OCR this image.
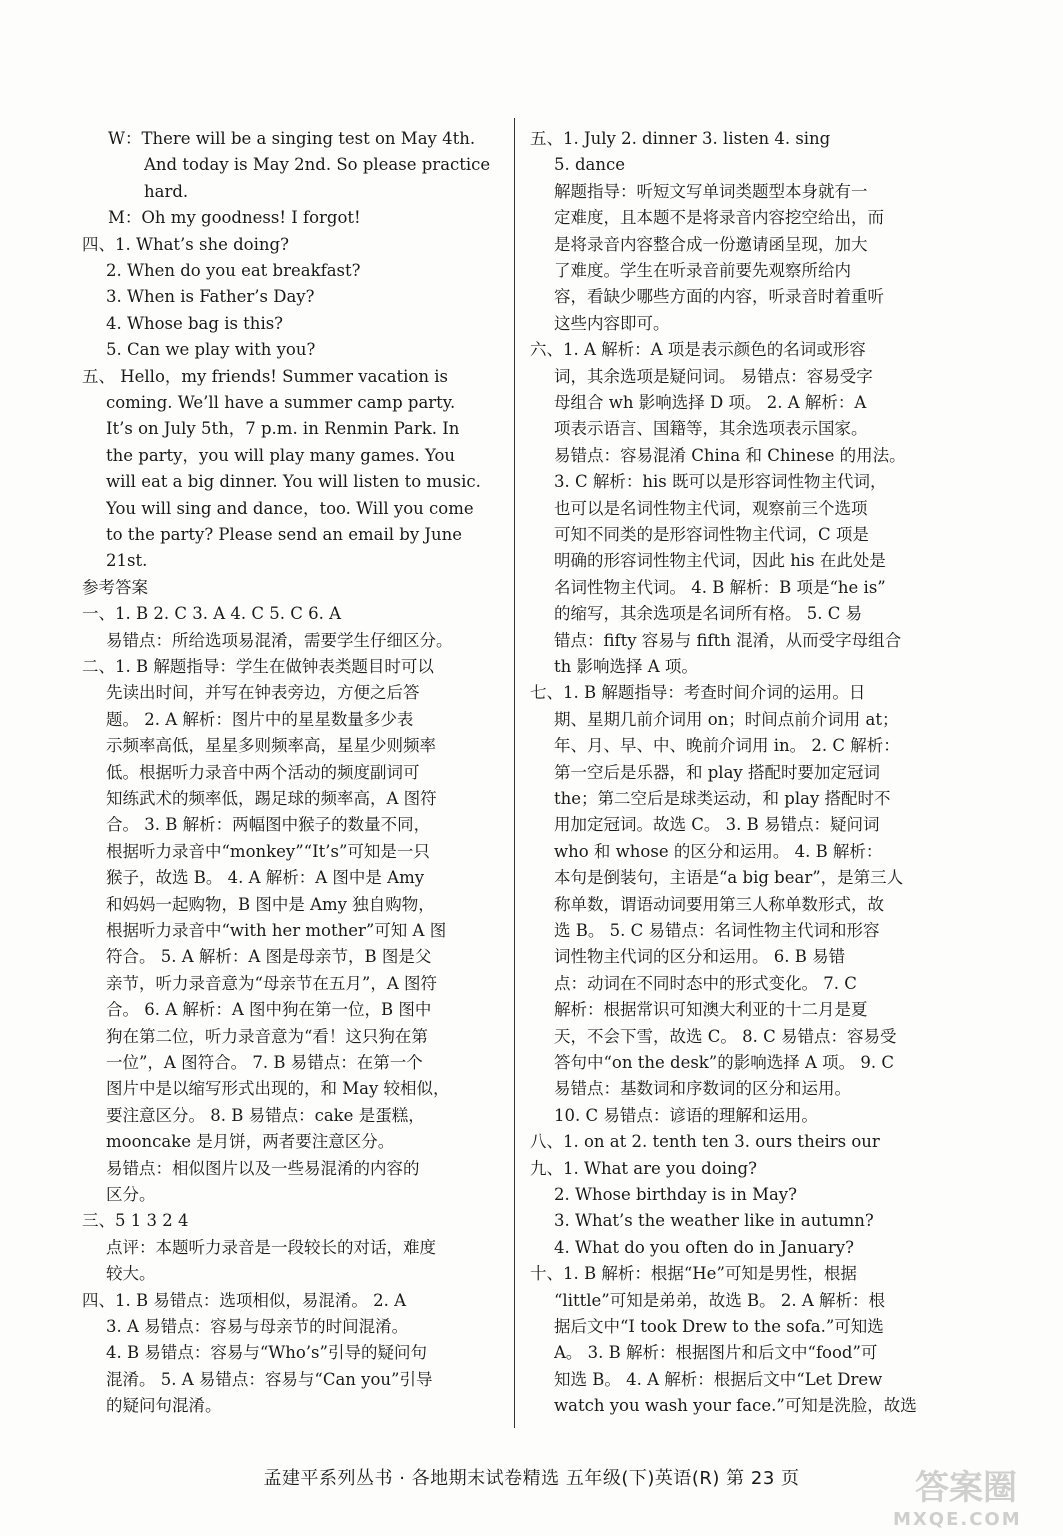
W：There will be a singing test on May 4th.
And today is May 2nd. So please practice
hard.
M：Oh my goodness! I forgot!
四、1. What’s she doing?
2. When do you eat breakfast?
3. When is Father’s Day?
4. Whose bag is this?
5. Can we play with you?
五、 Hello，my friends! Summer vacation is
coming. We’ll have a summer camp party.
It’s on July 5th，7 p.m. in Renmin Park. In
the party，you will play many games. You
will eat a big dinner. You will listen to music.
You will sing and dance，too. Will you come
to the party? Please send an email by June
21st.
参考答案
一、1. B 2. C 3. A 4. C 5. C 6. A
易错点：所给选项易混淆，需要学生仔细区分。
二、1. B 解题指导：学生在做钟表类题目时可以
先读出时间，并写在钟表旁边，方便之后答
题。 2. A 解析：图片中的星星数量多少表
示频率高低，星星多则频率高，星星少则频率
低。根据听力录音中两个活动的频度副词可
知练武术的频率低，踢足球的频率高，A 图符
合。 3. B 解析：两幅图中猴子的数量不同，
根据听力录音中“monkey”“It’s”可知是一只
猴子，故选 B。 4. A 解析：A 图中是 Amy
和妈妈一起购物，B 图中是 Amy 独自购物，
根据听力录音中“with her mother”可知 A 图
符合。 5. A 解析：A 图是母亲节，B 图是父
亲节，听力录音意为“母亲节在五月”，A 图符
合。 6. A 解析：A 图中狗在第一位，B 图中
狗在第二位，听力录音意为“看！这只狗在第
一位”，A 图符合。 7. B 易错点：在第一个
图片中是以缩写形式出现的，和 May 较相似，
要注意区分。 8. B 易错点：cake 是蛋糕，
mooncake 是月饼，两者要注意区分。
易错点：相似图片以及一些易混淆的内容的
区分。
三、5 1 3 2 4
点评：本题听力录音是一段较长的对话，难度
较大。
四、1. B 易错点：选项相似，易混淆。 2. A
3. A 易错点：容易与母亲节的时间混淆。
4. B 易错点：容易与“Who’s”引导的疑问句
混淆。 5. A 易错点：容易与“Can you”引导
的疑问句混淆。
五、1. July 2. dinner 3. listen 4. sing
5. dance
解题指导：听短文写单词类题型本身就有一
定难度，且本题不是将录音内容挖空给出，而
是将录音内容整合成一份邀请函呈现，加大
了难度。学生在听录音前要先观察所给内
容，看缺少哪些方面的内容，听录音时着重听
这些内容即可。
六、1. A 解析：A 项是表示颜色的名词或形容
词，其余选项是疑问词。 易错点：容易受字
母组合 wh 影响选择 D 项。 2. A 解析：A
项表示语言、国籍等，其余选项表示国家。
易错点：容易混淆 China 和 Chinese 的用法。
3. C 解析：his 既可以是形容词性物主代词，
也可以是名词性物主代词，观察前三个选项
可知不同类的是形容词性物主代词，C 项是
明确的形容词性物主代词，因此 his 在此处是
名词性物主代词。 4. B 解析：B 项是“he is”
的缩写，其余选项是名词所有格。 5. C 易
错点：fifty 容易与 fifth 混淆，从而受字母组合
th 影响选择 A 项。
七、1. B 解题指导：考查时间介词的运用。日
期、星期几前介词用 on；时间点前介词用 at；
年、月、早、中、晚前介词用 in。 2. C 解析：
第一空后是乐器，和 play 搭配时要加定冠词
the；第二空后是球类运动，和 play 搭配时不
用加定冠词。故选 C。 3. B 易错点：疑问词
who 和 whose 的区分和运用。 4. B 解析：
本句是倒装句，主语是“a big bear”，是第三人
称单数，谓语动词要用第三人称单数形式，故
选 B。 5. C 易错点：名词性物主代词和形容
词性物主代词的区分和运用。 6. B 易错
点：动词在不同时态中的形式变化。 7. C
解析：根据常识可知澳大利亚的十二月是夏
天，不会下雪，故选 C。 8. C 易错点：容易受
答句中“on the desk”的影响选择 A 项。 9. C
易错点：基数词和序数词的区分和运用。
10. C 易错点：谚语的理解和运用。
八、1. on at 2. tenth ten 3. ours theirs our
九、1. What are you doing?
2. Whose birthday is in May?
3. What’s the weather like in autumn?
4. What do you often do in January?
十、1. B 解析：根据“He”可知是男性，根据
“little”可知是弟弟，故选 B。 2. A 解析：根
据后文中“I took Drew to the sofa.”可知选
A。 3. B 解析：根据图片和后文中“food”可
知选 B。 4. A 解析：根据后文中“Let Drew
watch you wash your face.”可知是洗脸，故选
孟建平系列丛书 · 各地期末试卷精选 五年级(下)英语(R) 第 23 页	答案圈
MXQE.COM
